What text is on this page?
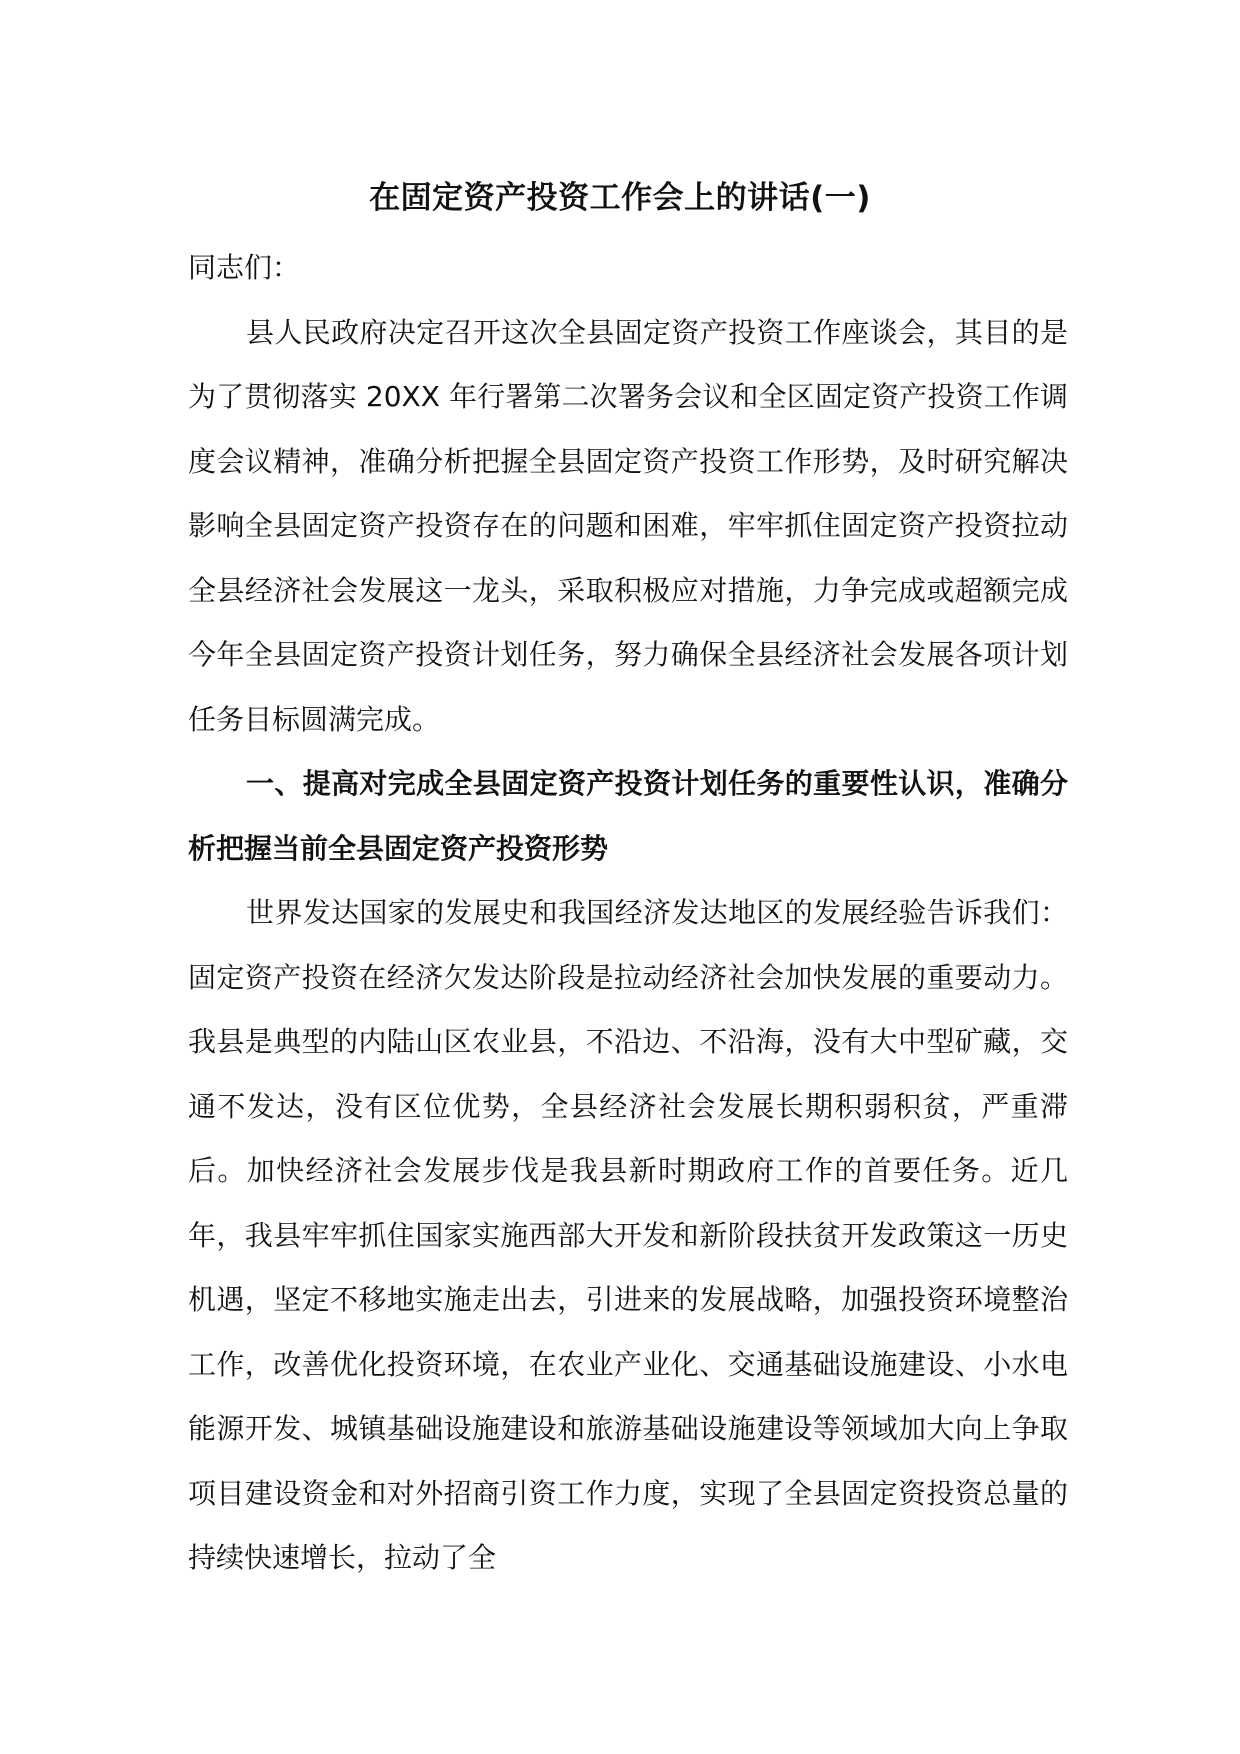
在固定资产投资工作会上的讲话(一)

同志们：

县人民政府决定召开这次全县固定资产投资工作座谈会，其目的是为了贯彻落实 20XX 年行署第二次署务会议和全区固定资产投资工作调度会议精神，准确分析把握全县固定资产投资工作形势，及时研究解决影响全县固定资产投资存在的问题和困难，牢牢抓住固定资产投资拉动全县经济社会发展这一龙头，采取积极应对措施，力争完成或超额完成今年全县固定资产投资计划任务，努力确保全县经济社会发展各项计划任务目标圆满完成。

一、提高对完成全县固定资产投资计划任务的重要性认识，准确分析把握当前全县固定资产投资形势

世界发达国家的发展史和我国经济发达地区的发展经验告诉我们：固定资产投资在经济欠发达阶段是拉动经济社会加快发展的重要动力。我县是典型的内陆山区农业县，不沿边、不沿海，没有大中型矿藏，交通不发达，没有区位优势，全县经济社会发展长期积弱积贫，严重滞后。加快经济社会发展步伐是我县新时期政府工作的首要任务。近几年，我县牢牢抓住国家实施西部大开发和新阶段扶贫开发政策这一历史机遇，坚定不移地实施走出去，引进来的发展战略，加强投资环境整治工作，改善优化投资环境，在农业产业化、交通基础设施建设、小水电能源开发、城镇基础设施建设和旅游基础设施建设等领域加大向上争取项目建设资金和对外招商引资工作力度，实现了全县固定资投资总量的持续快速增长，拉动了全
